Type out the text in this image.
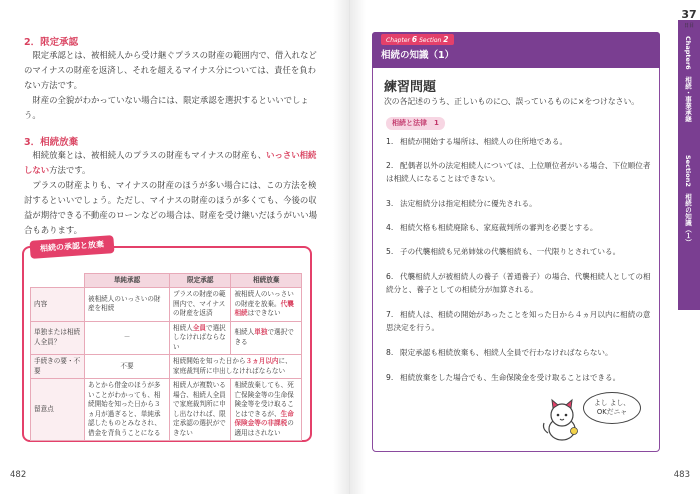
2．限定承認
限定承認とは、被相続人から受け継ぐプラスの財産の範囲内で、借入れなどのマイナスの財産を返済し、それを超えるマイナス分については、責任を負わない方法です。
財産の全貌がわかっていない場合には、限定承認を選択するといいでしょう。
3．相続放棄
相続放棄とは、被相続人のプラスの財産もマイナスの財産も、いっさい相続しない方法です。
プラスの財産よりも、マイナスの財産のほうが多い場合には、この方法を検討するといいでしょう。ただし、マイナスの財産のほうが多くても、今後の収益が期待できる不動産のローンなどの場合は、財産を受け継いだほうがいい場合もあります。
相続の承認と放棄
	単純承認	限定承認	相続放棄
内容	被相続人のいっさいの財産を相続	プラスの財産の範囲内で、マイナスの財産を返済	被相続人のいっさいの財産を放棄。代襲相続はできない
単独または相続人全員？	－	相続人全員で選択しなければならない	相続人単独で選択できる
手続きの要・不要	不要	相続開始を知った日から３ヵ月以内に、家庭裁判所に申出しなければならない	
留意点	あとから借金のほうが多いことがわかっても、相続開始を知った日から３ヵ月が過ぎると、単純承認したものとみなされ、借金を背負うことになる	相続人が複数いる場合、相続人全員で家庭裁判所に申し出なければ、限定承認の選択ができない	相続放棄しても、死亡保険金等の生命保険金等を受け取ることはできるが、生命保険金等の非課税の適用はされない
482
Chapter 6 Section 2
相続の知識（1）
練習問題
次の各記述のうち、正しいものに○、誤っているものに×をつけなさい。
相続と法律　1
1. 相続が開始する場所は、相続人の住所地である。
2. 配偶者以外の法定相続人については、上位順位者がいる場合、下位順位者は相続人になることはできない。
3. 法定相続分は指定相続分に優先される。
4. 相続欠格も相続廃除も、家庭裁判所の審判を必要とする。
5. 子の代襲相続も兄弟姉妹の代襲相続も、一代限りとされている。
6. 代襲相続人が被相続人の養子（普通養子）の場合、代襲相続人としての相続分と、養子としての相続分が加算される。
7. 相続人は、相続の開始があったことを知った日から４ヵ月以内に相続の意思決定を行う。
8. 限定承認も相続放棄も、相続人全員で行わなければならない。
9. 相続放棄をした場合でも、生命保険金を受け取ることはできる。
483
よし よし、
OKだニャ
37
日目
Chapter6　相続・事業承継
Section2　相続の知識（１）
